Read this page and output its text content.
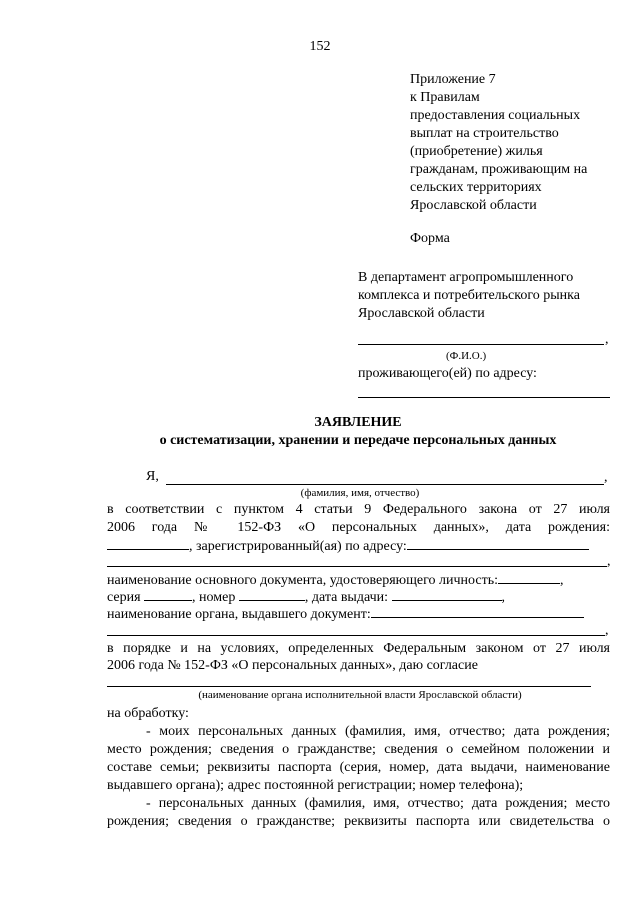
152
Приложение 7
к Правилам
предоставления социальных
выплат на строительство
(приобретение) жилья
гражданам, проживающим на
сельских территориях
Ярославской области
Форма
В департамент агропромышленного
комплекса и потребительского рынка
Ярославской области
,
(Ф.И.О.)
проживающего(ей) по адресу:
ЗАЯВЛЕНИЕ
о систематизации, хранении и передаче персональных данных
Я,	,
(фамилия, имя, отчество)
в соответствии с пунктом 4 статьи 9 Федерального закона от 27 июля
2006 года № 152-ФЗ «О персональных данных», дата рождения:
, зарегистрированный(ая) по адресу:
,
наименование основного документа, удостоверяющего личность:	,
серия	, номер	, дата выдачи:	,
наименование органа, выдавшего документ:
,
в порядке и на условиях, определенных Федеральным законом от 27 июля
2006 года № 152-ФЗ «О персональных данных», даю согласие
(наименование органа исполнительной власти Ярославской области)
на обработку:
- моих персональных данных (фамилия, имя, отчество; дата рождения;
место рождения; сведения о гражданстве; сведения о семейном положении и
составе семьи; реквизиты паспорта (серия, номер, дата выдачи, наименование
выдавшего органа); адрес постоянной регистрации; номер телефона);
- персональных данных (фамилия, имя, отчество; дата рождения; место
рождения; сведения о гражданстве; реквизиты паспорта или свидетельства о
